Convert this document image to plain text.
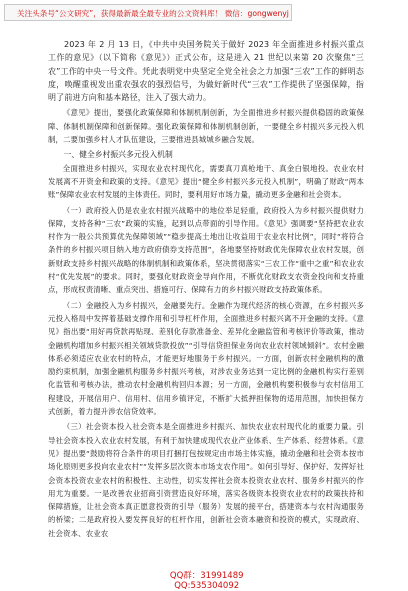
关注头条号“公文研究”，获得最新最全最专业的公文资料库！ 微信：gongwenyj

2023 年 2 月 13 日，《中共中央国务院关于做好 2023 年全面推进乡村振兴重点工作的意见》（以下简称《意见》）正式公布，这是进入 21 世纪以来第 20 次聚焦“三农”工作的中央一号文件。凭此表明党中央坚定全党全社会之力加强“三农”工作的鲜明态度，唤醒重视发出重农强农的强烈信号，为做好新时代“三农”工作提供了坚强保障，指明了前进方向和基本路径，注入了强大动力。

《意见》提出，要强化政策保障和体制机制创新，为全面推进乡村振兴提供稳固的政策保障、体制机制保障和创新保障。强化政策保障和体制机制创新，一要健全乡村振兴多元投入机制，二要加强乡村人才队伍建设，三要推进县城城乡融合发展。

一、健全乡村振兴多元投入机制

全面推进乡村振兴，实现农业农村现代化，需要真刀真枪地干、真金白银地投。农业农村发展离不开资金和政策的支持。《意见》提出“健全乡村振兴多元投入机制”，明确了财政“两本账”保障农业农村发展的主体责任。同时，要利用好市场力量，撬动更多金融和社会资本。

（一）政府投入仍是农业农村振兴战略中的地位举足轻重，政府投入为乡村振兴提供财力保障，支持各种“三农”政策的实施，起到以点带面的引导作用。《意见》强调要“坚持把农业农村作为一般公共预算优先保障领域”“稳步提高土地出让收益用于农业农村比例”，同时“将符合条件的乡村振兴项目纳入地方政府债券支持范围”，各地要坚持财政优先保障农业农村发展，创新财政支持乡村振兴战略的体制机制和政策体系，坚决贯彻落实“三农工作“重中之重”和农业农村“优先发展”的要求。同时，要强化财政资金导向作用，不断优化财政支农资金投向和支持重点，形成权责清晰、重点突出、措施可行、保障有力的乡村振兴财政支持政策体系。

（二）金融投入为乡村振兴，金融要先行。金融作为现代经济的核心资源，在乡村振兴多元投入格局中发挥着基础支撑作用和引导杠杆作用，全面推进乡村振兴离不开金融的支持。《意见》指出要“用好再贷款再贴现、差别化存款准备金、差异化金融监管和考核评价等政策，推动金融机构增加乡村振兴相关领域贷款投放”“引导信贷担保业务向农业农村领域倾斜”。农村金融体系必须适应农业农村的特点，才能更好地服务于乡村振兴。一方面，创新农村金融机构的激励约束机制，加强金融机构服务乡村振兴考核，对涉农业务达到一定比例的金融机构实行差别化监管和考核办法，推动农村金融机构回归本源；另一方面，金融机构要积极参与农村信用工程建设，开展信用户、信用村、信用乡镇评定，不断扩大抵押担保物的适用范围，加快担保方式创新，着力提升涉农信贷效率。

（三）社会资本投入社会资本是全面推进乡村振兴、加快农业农村现代化的重要力量。引导社会资本投入农业农村发展，有利于加快建成现代农业产业体系、生产体系、经营体系。《意见》提出要“鼓励将符合条件的项目打捆打包按规定由市场主体实施，撬动金融和社会资本按市场化原则更多投向农业农村”“发挥多层次资本市场支农作用”。如何引导好、保护好、发挥好社会资本投资农业农村的积极性、主动性，切实发挥社会资本投资农业农村、服务乡村振兴的作用尤为重要。一是改善农业招商引资营造良好环境，落实各级资本投资农业农村的政策扶持和保障措施，让社会资本真正愿意投资的引导（服务）发展的接平台，搭建资本与农村沟通服务的桥梁；二是政府投入要发挥良好的杠杆作用，创新社会资本融资和投资的模式，实现政府、社会资本、农业农

QQ群：31991489
QQ:535304092
